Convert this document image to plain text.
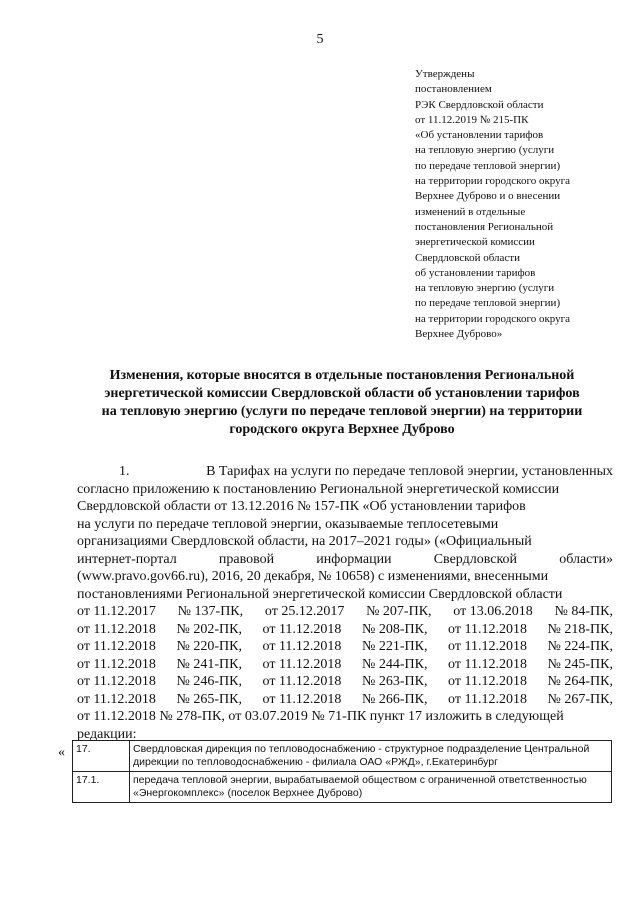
5
Утверждены
постановлением
РЭК Свердловской области
от 11.12.2019 № 215-ПК
«Об установлении тарифов
на тепловую энергию (услуги
по передаче тепловой энергии)
на территории городского округа
Верхнее Дуброво и о внесении
изменений в отдельные
постановления Региональной
энергетической комиссии
Свердловской области
об установлении тарифов
на тепловую энергию (услуги
по передаче тепловой энергии)
на территории городского округа
Верхнее Дуброво»
Изменения, которые вносятся в отдельные постановления Региональной
энергетической комиссии Свердловской области об установлении тарифов
на тепловую энергию (услуги по передаче тепловой энергии) на территории
городского округа Верхнее Дуброво
1.	В Тарифах на услуги по передаче тепловой энергии, установленных
согласно приложению к постановлению Региональной энергетической комиссии
Свердловской области от 13.12.2016 № 157-ПК «Об установлении тарифов
на услуги по передаче тепловой энергии, оказываемые теплосетевыми
организациями Свердловской области, на 2017–2021 годы» («Официальный
интернет-портал	правовой	информации	Свердловской	области»
(www.pravo.gov66.ru), 2016, 20 декабря, № 10658) с изменениями, внесенными
постановлениями Региональной энергетической комиссии Свердловской области
от 11.12.2017 № 137-ПК, от 25.12.2017 № 207-ПК, от 13.06.2018 № 84-ПК,
от 11.12.2018 № 202-ПК, от 11.12.2018 № 208-ПК, от 11.12.2018 № 218-ПК,
от 11.12.2018 № 220-ПК, от 11.12.2018 № 221-ПК, от 11.12.2018 № 224-ПК,
от 11.12.2018 № 241-ПК, от 11.12.2018 № 244-ПК, от 11.12.2018 № 245-ПК,
от 11.12.2018 № 246-ПК, от 11.12.2018 № 263-ПК, от 11.12.2018 № 264-ПК,
от 11.12.2018 № 265-ПК, от 11.12.2018 № 266-ПК, от 11.12.2018 № 267-ПК,
от 11.12.2018 № 278-ПК, от 03.07.2019 № 71-ПК пункт 17 изложить в следующей
редакции:
« 17.	Свердловская дирекция по тепловодоснабжению - структурное подразделение Центральной дирекции по тепловодоснабжению - филиала ОАО «РЖД», г.Екатеринбург
17.1.	передача тепловой энергии, вырабатываемой обществом с ограниченной ответственностью «Энергокомплекс» (поселок Верхнее Дуброво)
